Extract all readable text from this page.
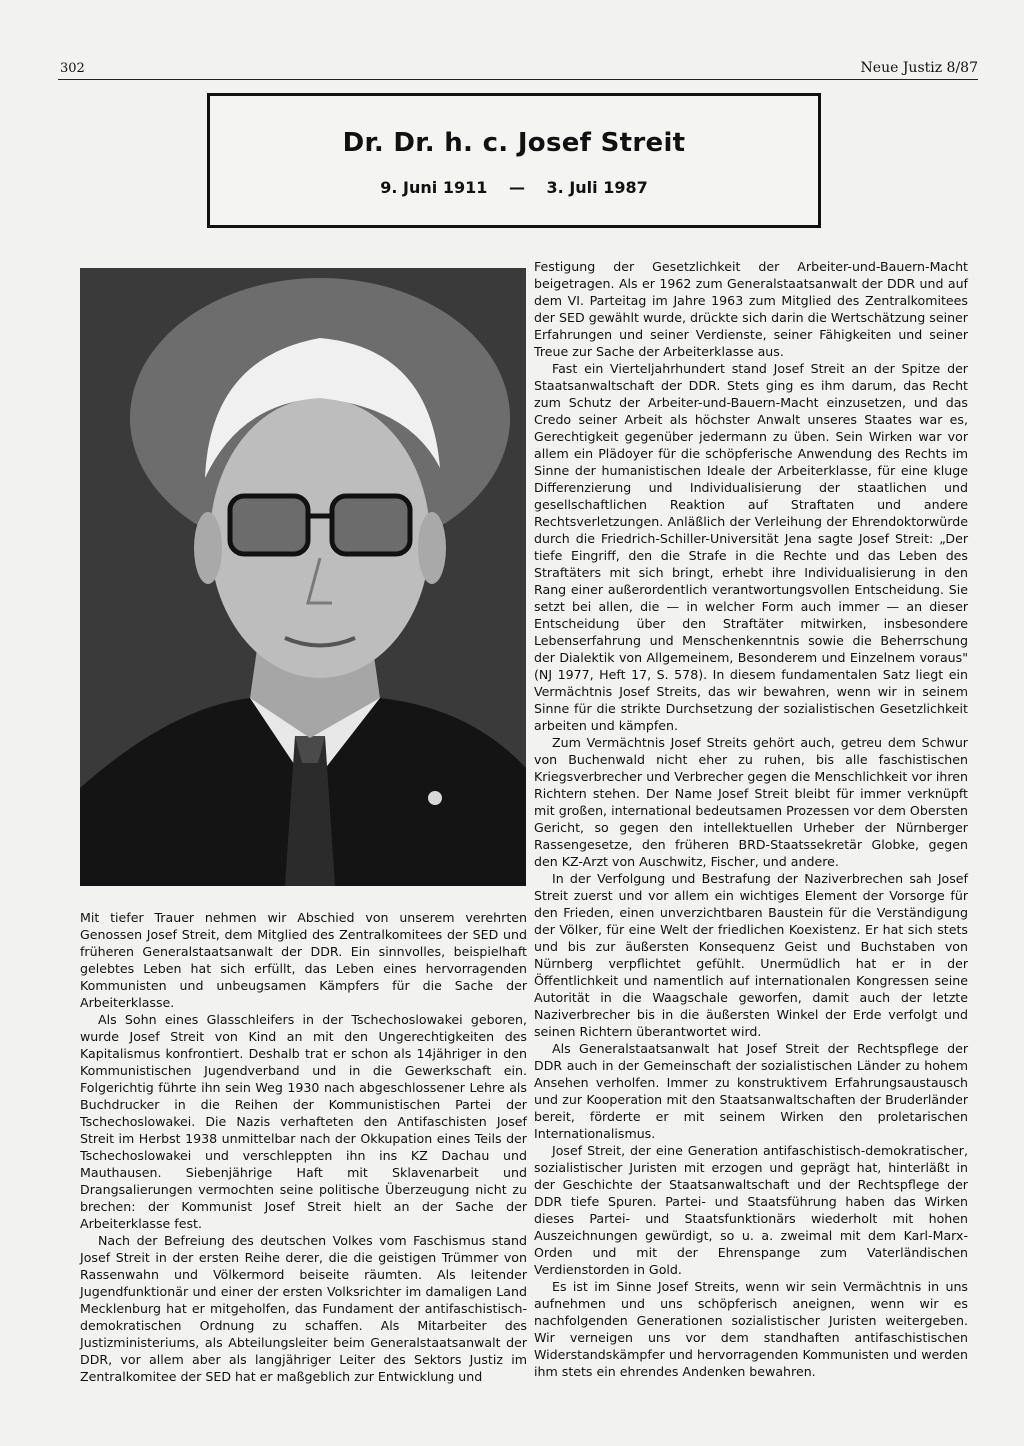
302	Neue Justiz 8/87
Dr. Dr. h. c. Josef Streit
9. Juni 1911 — 3. Juli 1987

Mit tiefer Trauer nehmen wir Abschied von unserem verehrten Genossen Josef Streit, dem Mitglied des Zentralkomitees der SED und früheren Generalstaatsanwalt der DDR. Ein sinnvolles, beispielhaft gelebtes Leben hat sich erfüllt, das Leben eines hervorragenden Kommunisten und unbeugsamen Kämpfers für die Sache der Arbeiterklasse.

Als Sohn eines Glasschleifers in der Tschechoslowakei geboren, wurde Josef Streit von Kind an mit den Ungerechtigkeiten des Kapitalismus konfrontiert. Deshalb trat er schon als 14jähriger in den Kommunistischen Jugendverband und in die Gewerkschaft ein. Folgerichtig führte ihn sein Weg 1930 nach abgeschlossener Lehre als Buchdrucker in die Reihen der Kommunistischen Partei der Tschechoslowakei. Die Nazis verhafteten den Antifaschisten Josef Streit im Herbst 1938 unmittelbar nach der Okkupation eines Teils der Tschechoslowakei und verschleppten ihn ins KZ Dachau und Mauthausen. Siebenjährige Haft mit Sklavenarbeit und Drangsalierungen vermochten seine politische Überzeugung nicht zu brechen: der Kommunist Josef Streit hielt an der Sache der Arbeiterklasse fest.

Nach der Befreiung des deutschen Volkes vom Faschismus stand Josef Streit in der ersten Reihe derer, die die geistigen Trümmer von Rassenwahn und Völkermord beiseite räumten. Als leitender Jugendfunktionär und einer der ersten Volksrichter im damaligen Land Mecklenburg hat er mitgeholfen, das Fundament der antifaschistisch-demokratischen Ordnung zu schaffen. Als Mitarbeiter des Justizministeriums, als Abteilungsleiter beim Generalstaatsanwalt der DDR, vor allem aber als langjähriger Leiter des Sektors Justiz im Zentralkomitee der SED hat er maßgeblich zur Entwicklung und

Festigung der Gesetzlichkeit der Arbeiter-und-Bauern-Macht beigetragen. Als er 1962 zum Generalstaatsanwalt der DDR und auf dem VI. Parteitag im Jahre 1963 zum Mitglied des Zentralkomitees der SED gewählt wurde, drückte sich darin die Wertschätzung seiner Erfahrungen und seiner Verdienste, seiner Fähigkeiten und seiner Treue zur Sache der Arbeiterklasse aus.

Fast ein Vierteljahrhundert stand Josef Streit an der Spitze der Staatsanwaltschaft der DDR. Stets ging es ihm darum, das Recht zum Schutz der Arbeiter-und-Bauern-Macht einzusetzen, und das Credo seiner Arbeit als höchster Anwalt unseres Staates war es, Gerechtigkeit gegenüber jedermann zu üben. Sein Wirken war vor allem ein Plädoyer für die schöpferische Anwendung des Rechts im Sinne der humanistischen Ideale der Arbeiterklasse, für eine kluge Differenzierung und Individualisierung der staatlichen und gesellschaftlichen Reaktion auf Straftaten und andere Rechtsverletzungen. Anläßlich der Verleihung der Ehrendoktorwürde durch die Friedrich-Schiller-Universität Jena sagte Josef Streit: „Der tiefe Eingriff, den die Strafe in die Rechte und das Leben des Straftäters mit sich bringt, erhebt ihre Individualisierung in den Rang einer außerordentlich verantwortungsvollen Entscheidung. Sie setzt bei allen, die — in welcher Form auch immer — an dieser Entscheidung über den Straftäter mitwirken, insbesondere Lebenserfahrung und Menschenkenntnis sowie die Beherrschung der Dialektik von Allgemeinem, Besonderem und Einzelnem voraus" (NJ 1977, Heft 17, S. 578). In diesem fundamentalen Satz liegt ein Vermächtnis Josef Streits, das wir bewahren, wenn wir in seinem Sinne für die strikte Durchsetzung der sozialistischen Gesetzlichkeit arbeiten und kämpfen.

Zum Vermächtnis Josef Streits gehört auch, getreu dem Schwur von Buchenwald nicht eher zu ruhen, bis alle faschistischen Kriegsverbrecher und Verbrecher gegen die Menschlichkeit vor ihren Richtern stehen. Der Name Josef Streit bleibt für immer verknüpft mit großen, international bedeutsamen Prozessen vor dem Obersten Gericht, so gegen den intellektuellen Urheber der Nürnberger Rassengesetze, den früheren BRD-Staatssekretär Globke, gegen den KZ-Arzt von Auschwitz, Fischer, und andere.

In der Verfolgung und Bestrafung der Naziverbrechen sah Josef Streit zuerst und vor allem ein wichtiges Element der Vorsorge für den Frieden, einen unverzichtbaren Baustein für die Verständigung der Völker, für eine Welt der friedlichen Koexistenz. Er hat sich stets und bis zur äußersten Konsequenz Geist und Buchstaben von Nürnberg verpflichtet gefühlt. Unermüdlich hat er in der Öffentlichkeit und namentlich auf internationalen Kongressen seine Autorität in die Waagschale geworfen, damit auch der letzte Naziverbrecher bis in die äußersten Winkel der Erde verfolgt und seinen Richtern überantwortet wird.

Als Generalstaatsanwalt hat Josef Streit der Rechtspflege der DDR auch in der Gemeinschaft der sozialistischen Länder zu hohem Ansehen verholfen. Immer zu konstruktivem Erfahrungsaustausch und zur Kooperation mit den Staatsanwaltschaften der Bruderländer bereit, förderte er mit seinem Wirken den proletarischen Internationalismus.

Josef Streit, der eine Generation antifaschistisch-demokratischer, sozialistischer Juristen mit erzogen und geprägt hat, hinterläßt in der Geschichte der Staatsanwaltschaft und der Rechtspflege der DDR tiefe Spuren. Partei- und Staatsführung haben das Wirken dieses Partei- und Staatsfunktionärs wiederholt mit hohen Auszeichnungen gewürdigt, so u. a. zweimal mit dem Karl-Marx-Orden und mit der Ehrenspange zum Vaterländischen Verdienstorden in Gold.

Es ist im Sinne Josef Streits, wenn wir sein Vermächtnis in uns aufnehmen und uns schöpferisch aneignen, wenn wir es nachfolgenden Generationen sozialistischer Juristen weitergeben. Wir verneigen uns vor dem standhaften antifaschistischen Widerstandskämpfer und hervorragenden Kommunisten und werden ihm stets ein ehrendes Andenken bewahren.
